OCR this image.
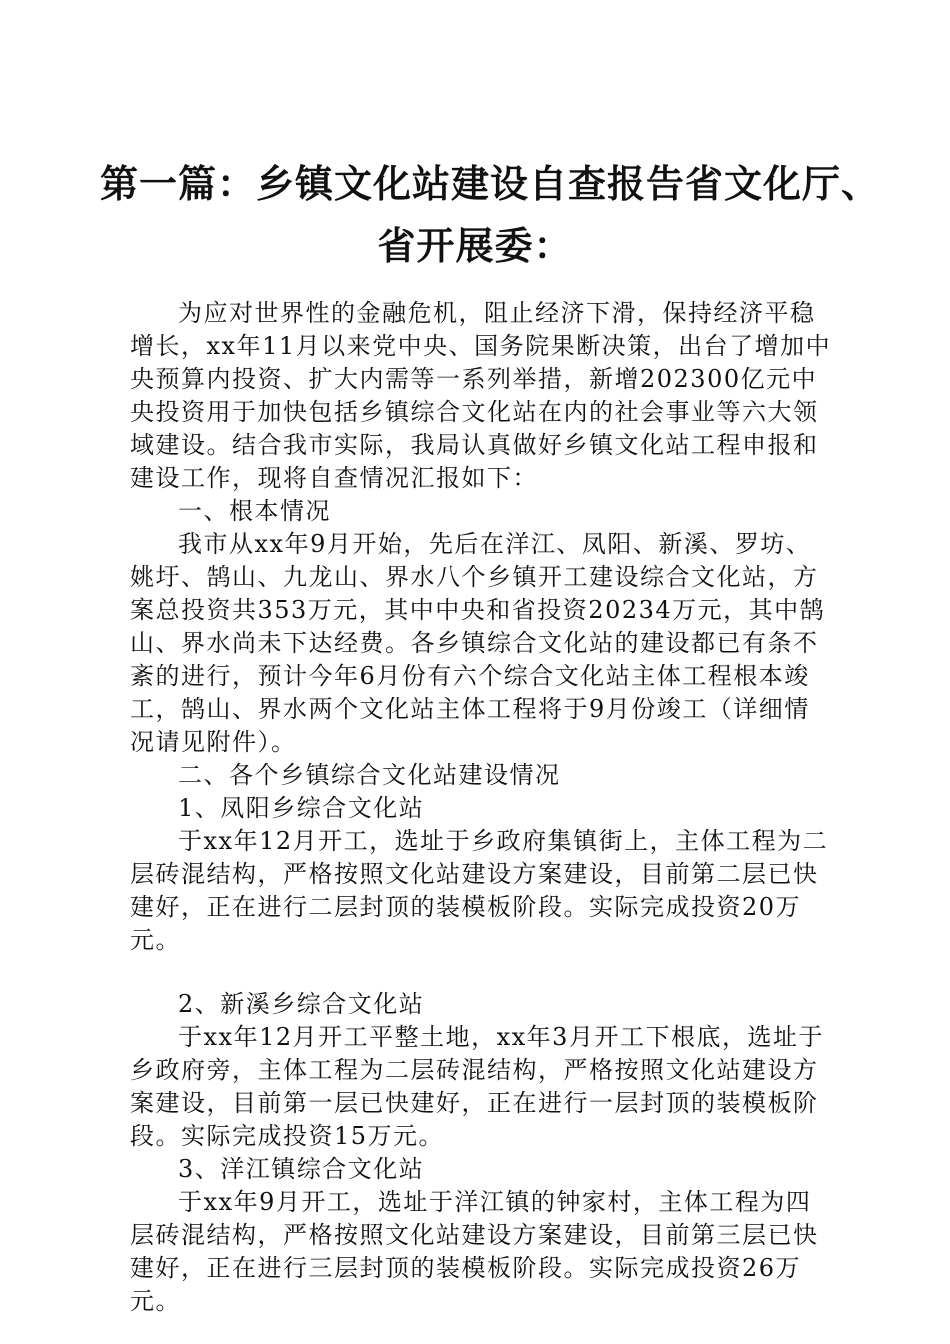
第一篇：乡镇文化站建设自查报告省文化厅、
省开展委：

为应对世界性的金融危机，阻止经济下滑，保持经济平稳增长，xx年11月以来党中央、国务院果断决策，出台了增加中央预算内投资、扩大内需等一系列举措，新增202300亿元中央投资用于加快包括乡镇综合文化站在内的社会事业等六大领域建设。结合我市实际，我局认真做好乡镇文化站工程申报和建设工作，现将自查情况汇报如下：

一、根本情况

我市从xx年9月开始，先后在洋江、凤阳、新溪、罗坊、姚圩、鹄山、九龙山、界水八个乡镇开工建设综合文化站，方案总投资共353万元，其中中央和省投资20234万元，其中鹄山、界水尚未下达经费。各乡镇综合文化站的建设都已有条不紊的进行，预计今年6月份有六个综合文化站主体工程根本竣工，鹄山、界水两个文化站主体工程将于9月份竣工（详细情况请见附件）。

二、各个乡镇综合文化站建设情况

1、凤阳乡综合文化站

于xx年12月开工，选址于乡政府集镇街上，主体工程为二层砖混结构，严格按照文化站建设方案建设，目前第二层已快建好，正在进行二层封顶的装模板阶段。实际完成投资20万元。

2、新溪乡综合文化站

于xx年12月开工平整土地，xx年3月开工下根底，选址于乡政府旁，主体工程为二层砖混结构，严格按照文化站建设方案建设，目前第一层已快建好，正在进行一层封顶的装模板阶段。实际完成投资15万元。

3、洋江镇综合文化站

于xx年9月开工，选址于洋江镇的钟家村，主体工程为四层砖混结构，严格按照文化站建设方案建设，目前第三层已快建好，正在进行三层封顶的装模板阶段。实际完成投资26万元。
